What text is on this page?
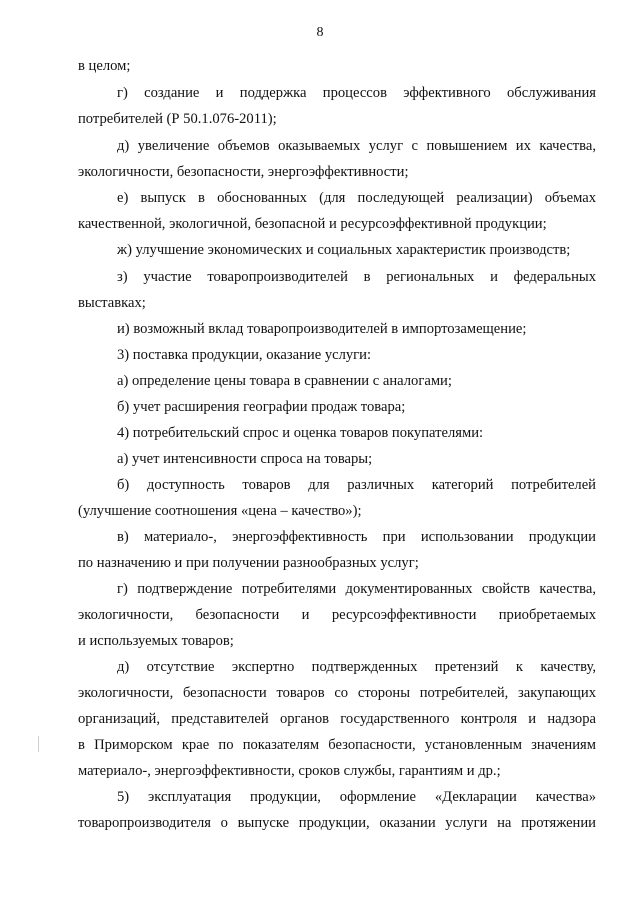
8
в целом;
г) создание и поддержка процессов эффективного обслуживания
потребителей (Р 50.1.076-2011);
д) увеличение объемов оказываемых услуг с повышением их качества,
экологичности, безопасности, энергоэффективности;
е) выпуск в обоснованных (для последующей реализации) объемах
качественной, экологичной, безопасной и ресурсоэффективной продукции;
ж) улучшение экономических и социальных характеристик производств;
з) участие товаропроизводителей в региональных и федеральных
выставках;
и) возможный вклад товаропроизводителей в импортозамещение;
3) поставка продукции, оказание услуги:
а) определение цены товара в сравнении с аналогами;
б) учет расширения географии продаж товара;
4) потребительский спрос и оценка товаров покупателями:
а) учет интенсивности спроса на товары;
б) доступность товаров для различных категорий потребителей
(улучшение соотношения «цена – качество»);
в) материало-, энергоэффективность при использовании продукции
по назначению и при получении разнообразных услуг;
г) подтверждение потребителями документированных свойств качества,
экологичности, безопасности и ресурсоэффективности приобретаемых
и используемых товаров;
д) отсутствие экспертно подтвержденных претензий к качеству,
экологичности, безопасности товаров со стороны потребителей, закупающих
организаций, представителей органов государственного контроля и надзора
в Приморском крае по показателям безопасности, установленным значениям
материало-, энергоэффективности, сроков службы, гарантиям и др.;
5) эксплуатация продукции, оформление «Декларации качества»
товаропроизводителя о выпуске продукции, оказании услуги на протяжении
